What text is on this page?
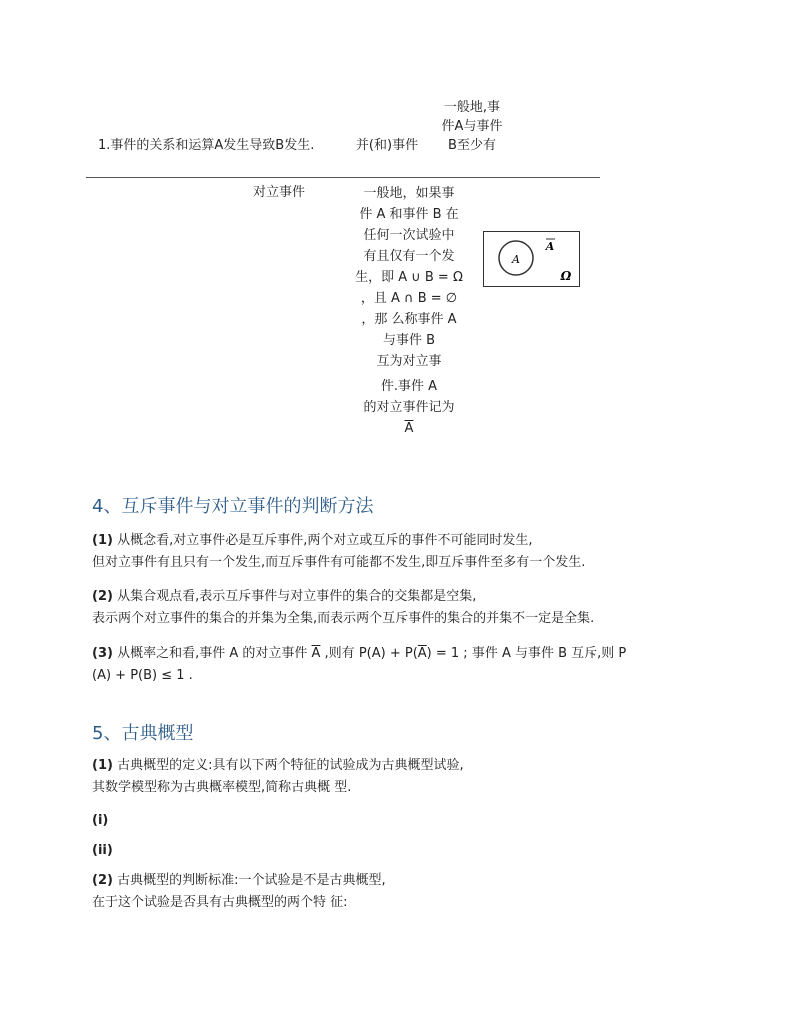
1.事件的关系和运算A发生导致B发生.	并(和)事件
一般地,事件A与事件B至少有
对立事件	一般地，如果事
件 A 和事件 B 在
任何一次试验中
有且仅有一个发
生，即 A ∪ B = Ω
，且 A ∩ B = ∅
，那 么称事件 A
与事件 B
互为对立事
件.事件 A
的对立事件记为
$\overline{A}$
A
A
Ω
4、互斥事件与对立事件的判断方法
(1) 从概念看,对立事件必是互斥事件,两个对立或互斥的事件不可能同时发生,
但对立事件有且只有一个发生,而互斥事件有可能都不发生,即互斥事件至多有一个发生.
(2) 从集合观点看,表示互斥事件与对立事件的集合的交集都是空集,
表示两个对立事件的集合的并集为全集,而表示两个互斥事件的集合的并集不一定是全集.
(3) 从概率之和看,事件 A 的对立事件 $\overline{A}$ ,则有 $P(A) + P(\overline{A}) = 1$ ; 事件 A 与事件 B 互斥,则 P
(A) + P(B) ≤ 1 .
5、古典概型
(1) 古典概型的定义:具有以下两个特征的试验成为古典概型试验,
其数学模型称为古典概率模型,简称古典概 型.
(i)
(ii)
(2) 古典概型的判断标准:一个试验是不是古典概型,
在于这个试验是否具有古典概型的两个特 征:
